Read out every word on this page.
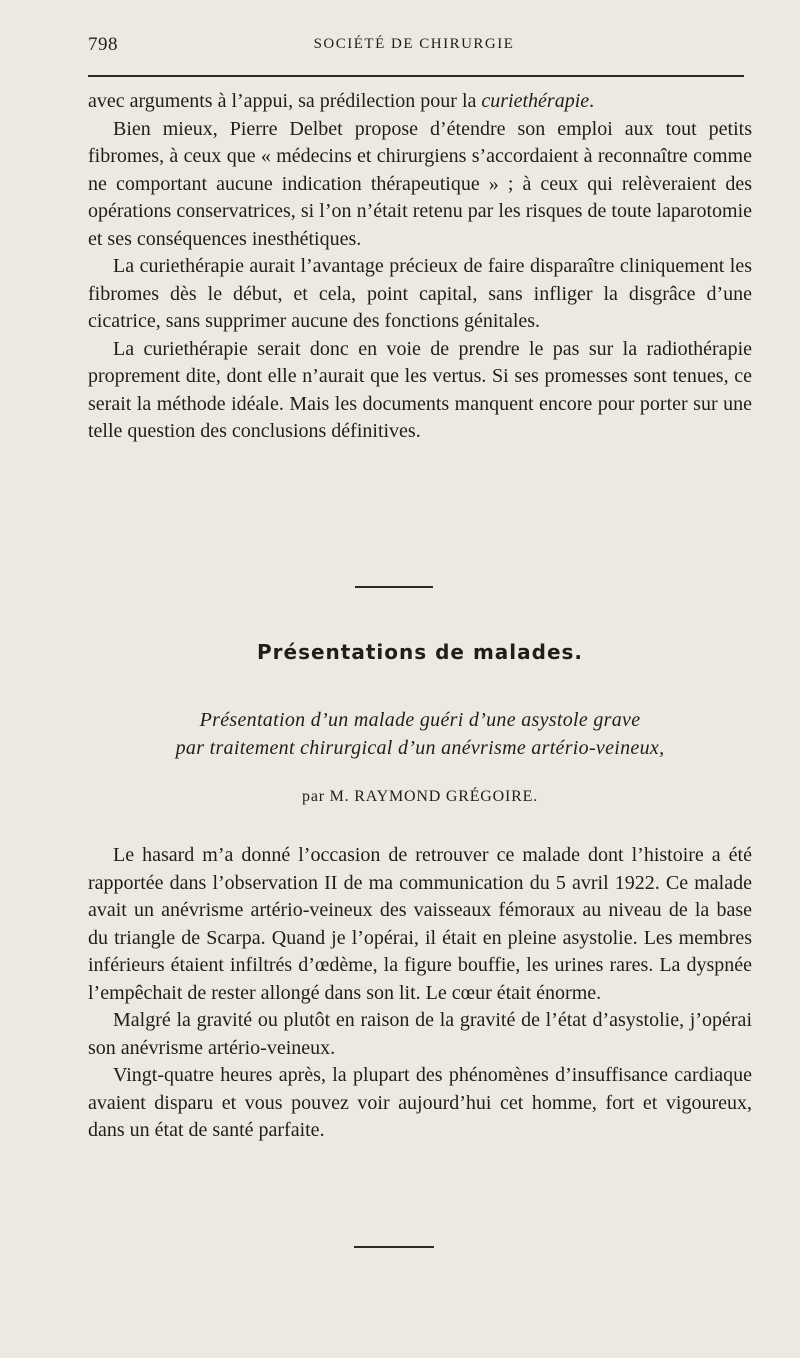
798	SOCIÉTÉ DE CHIRURGIE

avec arguments à l’appui, sa prédilection pour la curiethérapie.

Bien mieux, Pierre Delbet propose d’étendre son emploi aux tout petits fibromes, à ceux que « médecins et chirurgiens s’accordaient à reconnaître comme ne comportant aucune indication thérapeutique » ; à ceux qui relèveraient des opérations conservatrices, si l’on n’était retenu par les risques de toute laparotomie et ses conséquences inesthétiques.

La curiethérapie aurait l’avantage précieux de faire disparaître cliniquement les fibromes dès le début, et cela, point capital, sans infliger la disgrâce d’une cicatrice, sans supprimer aucune des fonctions génitales.

La curiethérapie serait donc en voie de prendre le pas sur la radiothérapie proprement dite, dont elle n’aurait que les vertus. Si ses promesses sont tenues, ce serait la méthode idéale. Mais les documents manquent encore pour porter sur une telle question des conclusions définitives.

Présentations de malades.
Présentation d’un malade guéri d’une asystole grave
par traitement chirurgical d’un anévrisme artério-veineux,
par M. RAYMOND GRÉGOIRE.

Le hasard m’a donné l’occasion de retrouver ce malade dont l’histoire a été rapportée dans l’observation II de ma communication du 5 avril 1922. Ce malade avait un anévrisme artério-veineux des vaisseaux fémoraux au niveau de la base du triangle de Scarpa. Quand je l’opérai, il était en pleine asystolie. Les membres inférieurs étaient infiltrés d’œdème, la figure bouffie, les urines rares. La dyspnée l’empêchait de rester allongé dans son lit. Le cœur était énorme.

Malgré la gravité ou plutôt en raison de la gravité de l’état d’asystolie, j’opérai son anévrisme artério-veineux.

Vingt-quatre heures après, la plupart des phénomènes d’insuffisance cardiaque avaient disparu et vous pouvez voir aujourd’hui cet homme, fort et vigoureux, dans un état de santé parfaite.
